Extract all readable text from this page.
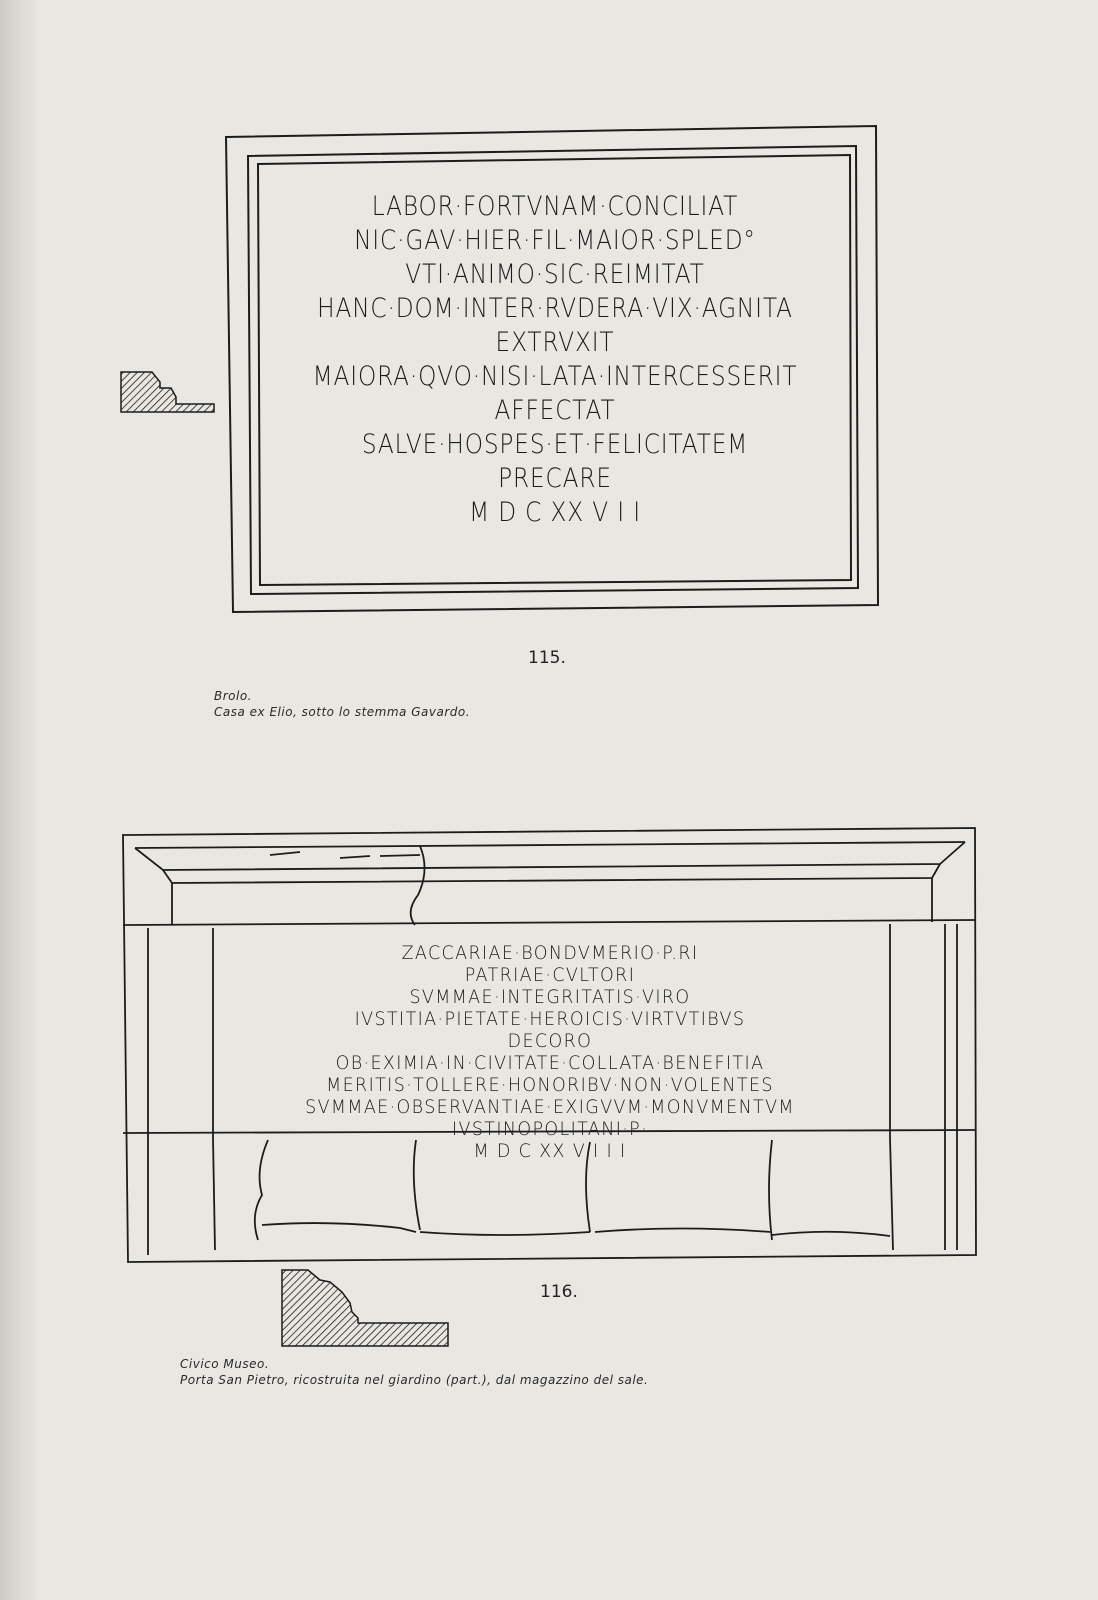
LABOR·FORTVNAM·CONCILIAT
NIC·GAV·HIER·FIL·MAIOR·SPLED°
VTI·ANIMO·SIC·REIMITAT
HANC·DOM·INTER·RVDERA·VIX·AGNITA
EXTRVXIT
MAIORA·QVO·NISI·LATA·INTERCESSERIT
AFFECTAT
SALVE·HOSPES·ET·FELICITATEM
PRECARE
M D C XX V I I
115.
Brolo.
Casa ex Elio, sotto lo stemma Gavardo.
ZACCARIAE·BONDVMERIO·P.RI
PATRIAE·CVLTORI
SVMMAE·INTEGRITATIS·VIRO
IVSTITIA·PIETATE·HEROICIS·VIRTVTIBVS
DECORO
OB·EXIMIA·IN·CIVITATE·COLLATA·BENEFITIA
MERITIS·TOLLERE·HONORIBV·NON·VOLENTES
SVMMAE·OBSERVANTIAE·EXIGVVM·MONVMENTVM
IVSTINOPOLITANI·P·
M D C XX V I I I
116.
Civico Museo.
Porta San Pietro, ricostruita nel giardino (part.), dal magazzino del sale.
